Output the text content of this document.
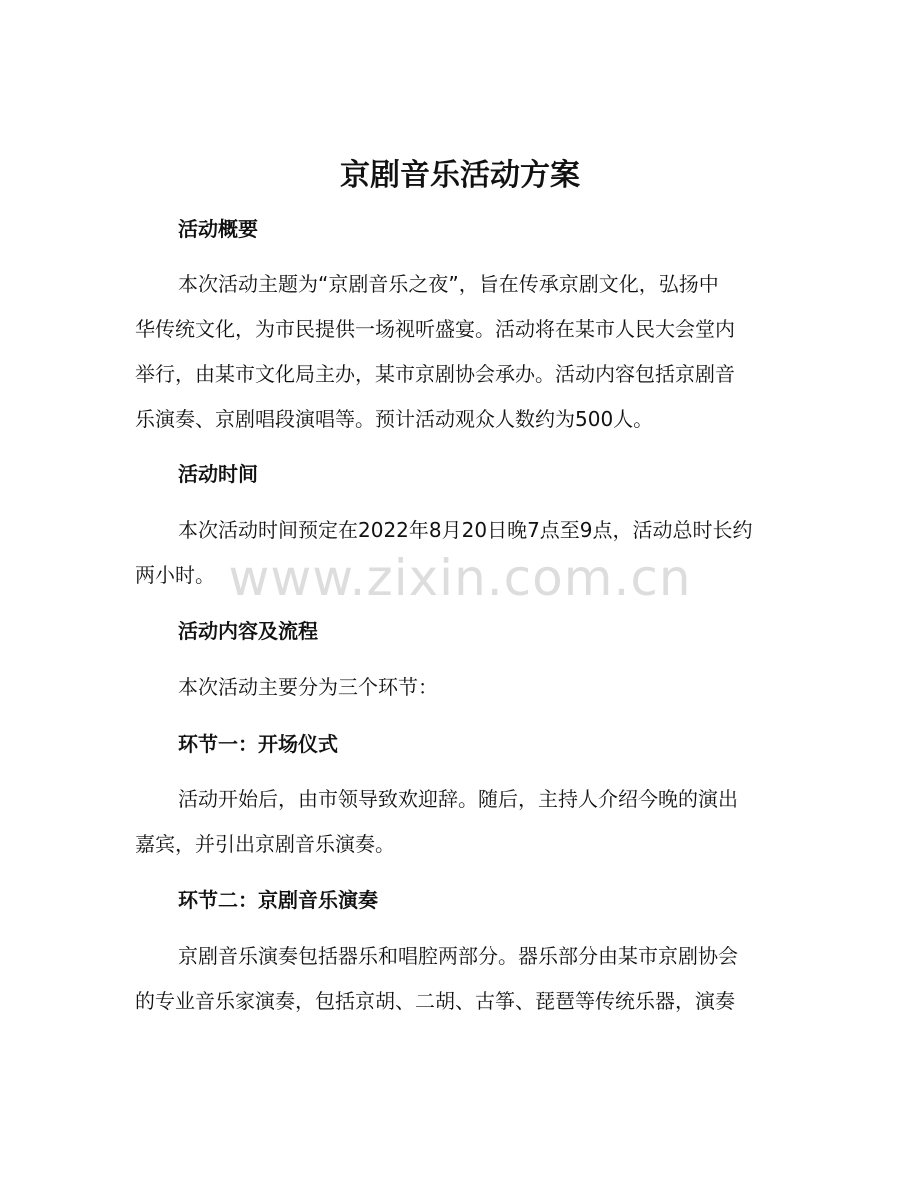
京剧音乐活动方案
活动概要
本次活动主题为“京剧音乐之夜”，旨在传承京剧文化，弘扬中
华传统文化，为市民提供一场视听盛宴。活动将在某市人民大会堂内
举行，由某市文化局主办，某市京剧协会承办。活动内容包括京剧音
乐演奏、京剧唱段演唱等。预计活动观众人数约为500人。
活动时间
本次活动时间预定在2022年8月20日晚7点至9点，活动总时长约
两小时。 www.zixin.com.cn
活动内容及流程
本次活动主要分为三个环节：
环节一：开场仪式
活动开始后，由市领导致欢迎辞。随后，主持人介绍今晚的演出
嘉宾，并引出京剧音乐演奏。
环节二：京剧音乐演奏
京剧音乐演奏包括器乐和唱腔两部分。器乐部分由某市京剧协会
的专业音乐家演奏，包括京胡、二胡、古筝、琵琶等传统乐器，演奏
